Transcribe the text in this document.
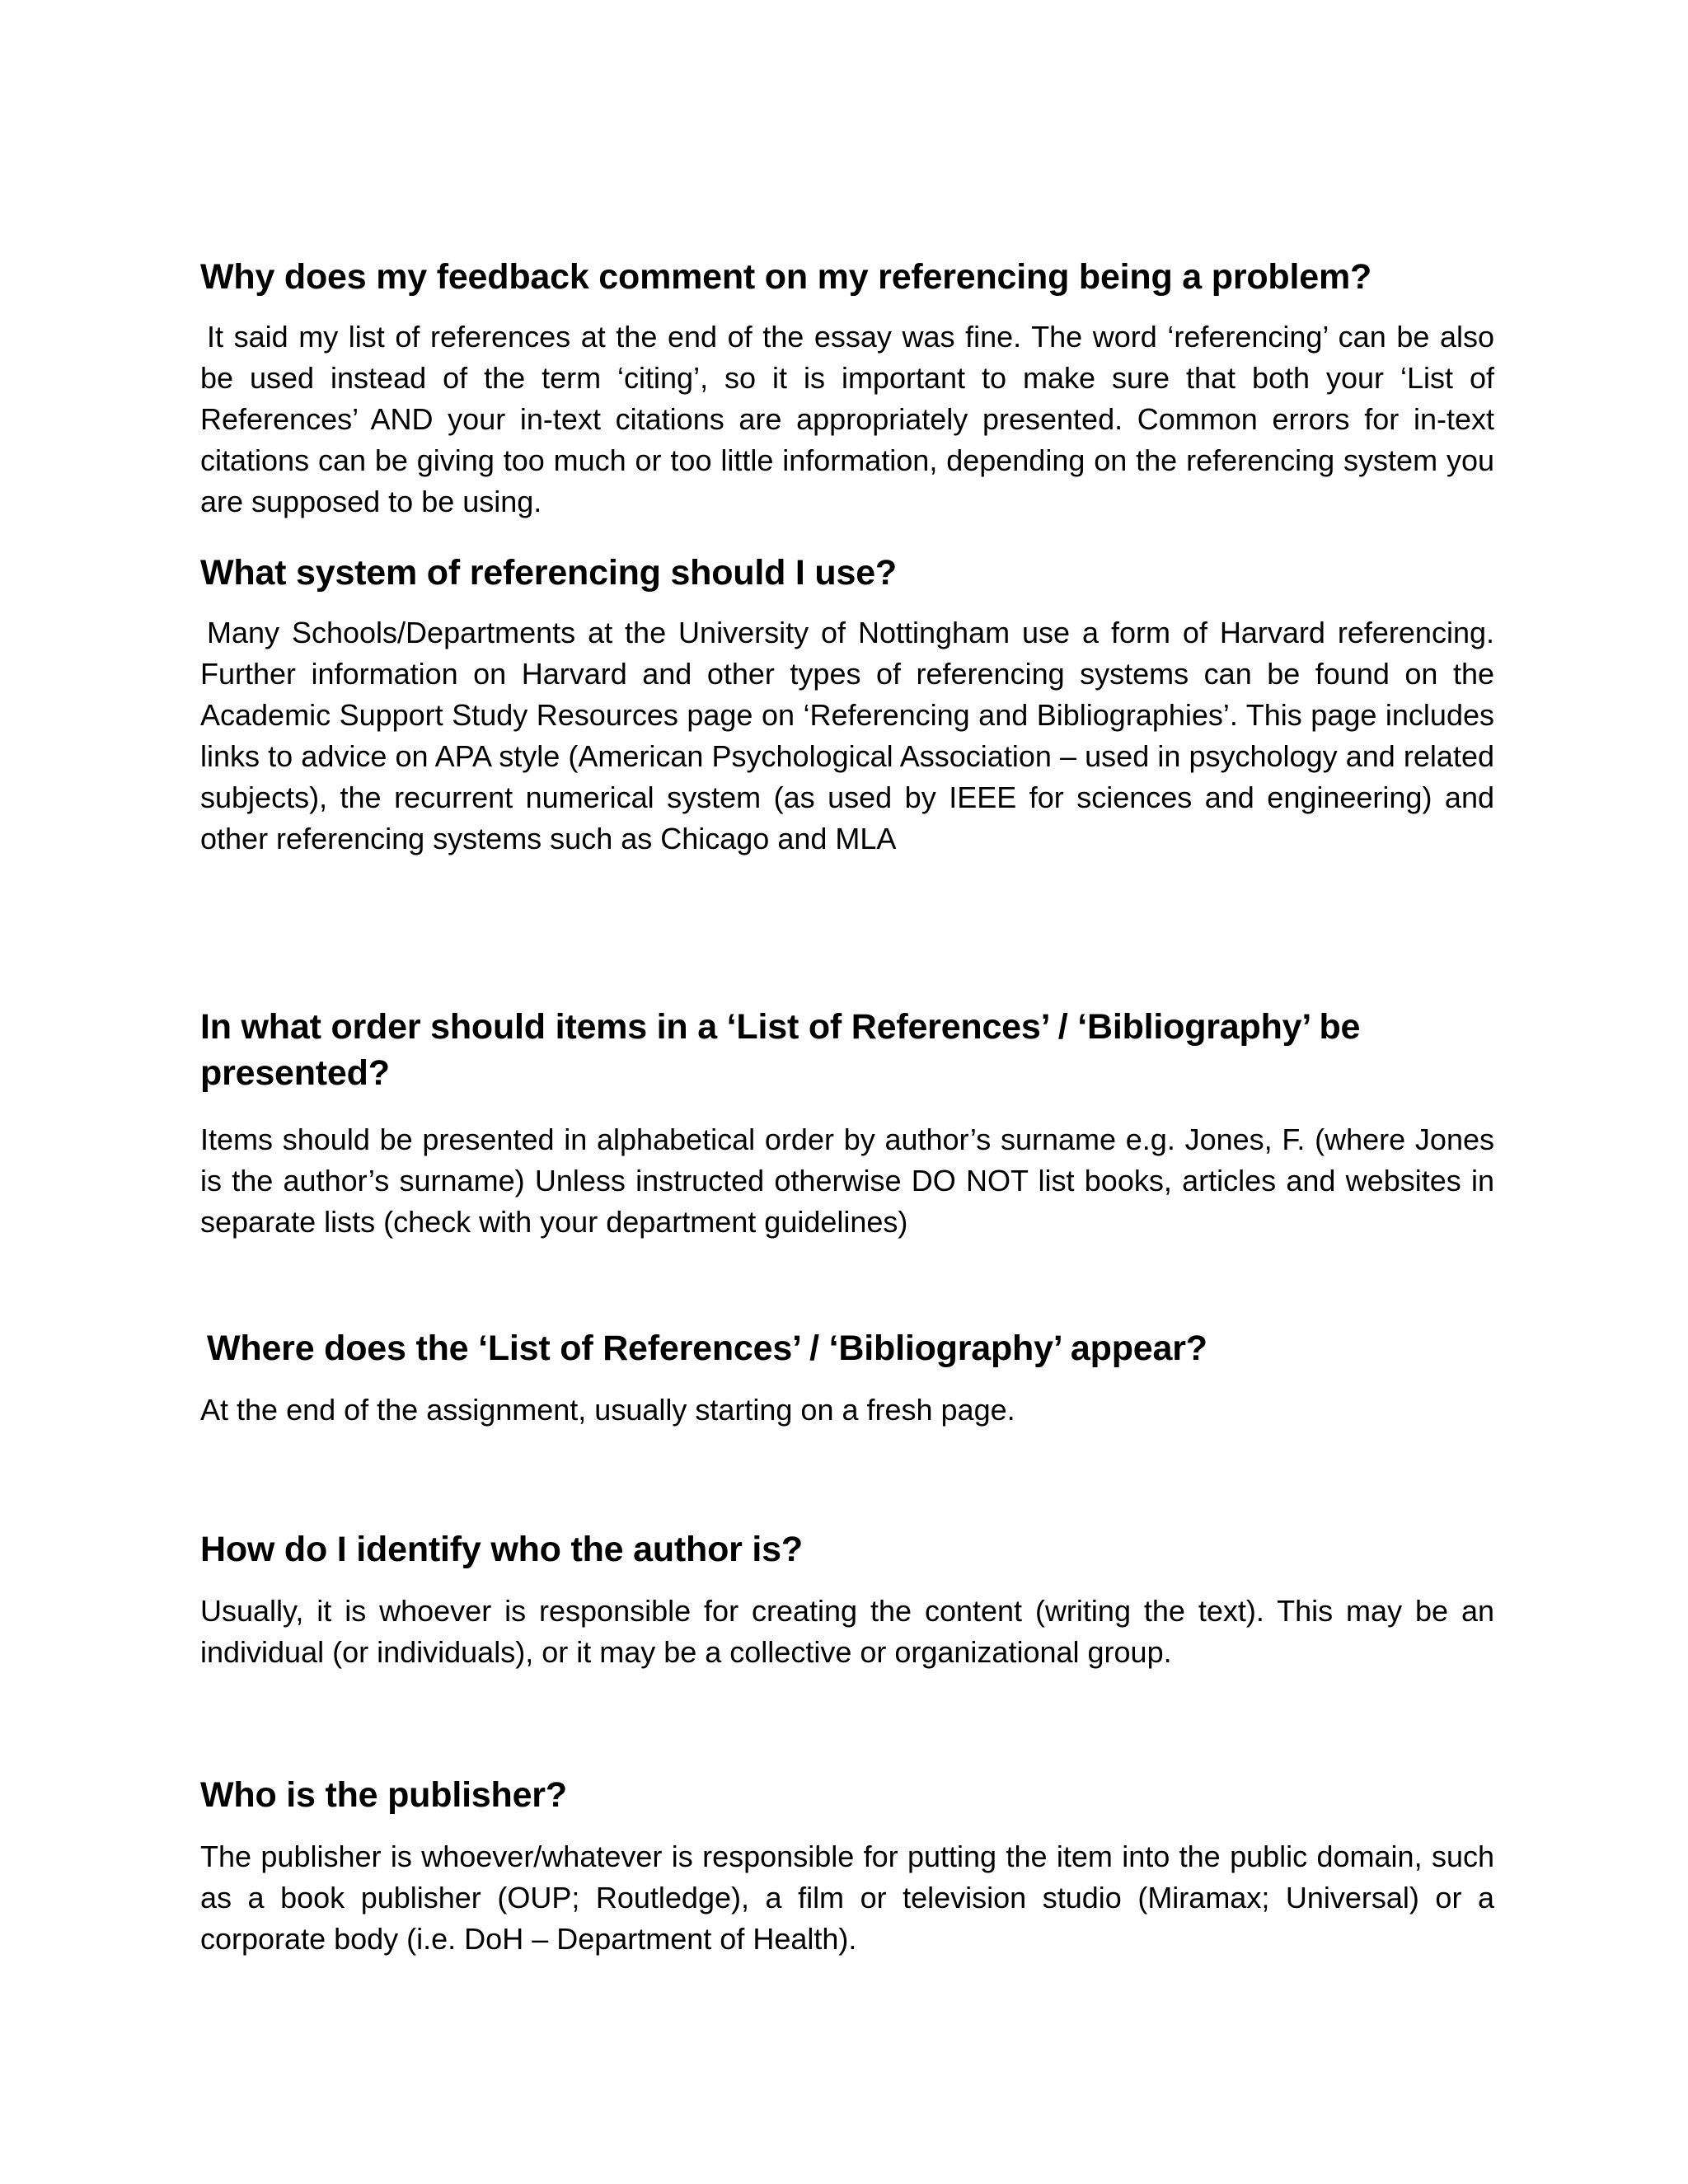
Why does my feedback comment on my referencing being a problem?

It said my list of references at the end of the essay was fine. The word ‘referencing’ can be also be used instead of the term ‘citing’, so it is important to make sure that both your ‘List of References’ AND your in-text citations are appropriately presented. Common errors for in-text citations can be giving too much or too little information, depending on the referencing system you are supposed to be using.

What system of referencing should I use?

Many Schools/Departments at the University of Nottingham use a form of Harvard referencing. Further information on Harvard and other types of referencing systems can be found on the Academic Support Study Resources page on ‘Referencing and Bibliographies’. This page includes links to advice on APA style (American Psychological Association – used in psychology and related subjects), the recurrent numerical system (as used by IEEE for sciences and engineering) and other referencing systems such as Chicago and MLA

In what order should items in a ‘List of References’ / ‘Bibliography’ be presented?

Items should be presented in alphabetical order by author’s surname e.g. Jones, F. (where Jones is the author’s surname) Unless instructed otherwise DO NOT list books, articles and websites in separate lists (check with your department guidelines)

Where does the ‘List of References’ / ‘Bibliography’ appear?

At the end of the assignment, usually starting on a fresh page.

How do I identify who the author is?

Usually, it is whoever is responsible for creating the content (writing the text). This may be an individual (or individuals), or it may be a collective or organizational group.

Who is the publisher?

The publisher is whoever/whatever is responsible for putting the item into the public domain, such as a book publisher (OUP; Routledge), a film or television studio (Miramax; Universal) or a corporate body (i.e. DoH – Department of Health).
